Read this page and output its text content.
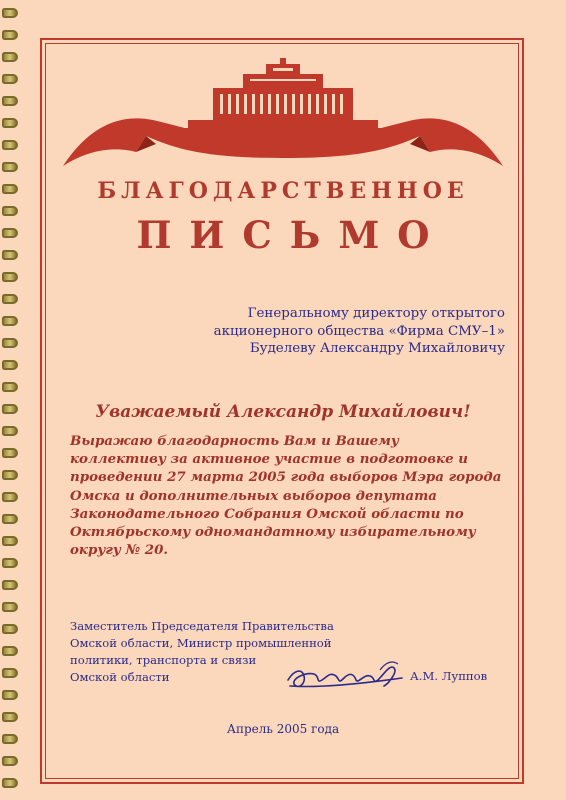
БЛАГОДАРСТВЕННОЕ
ПИСЬМО
Генеральному директору открытого
акционерного общества «Фирма СМУ–1»
Буделеву Александру Михайловичу
Уважаемый Александр Михайлович!
Выражаю благодарность Вам и Вашему
коллективу за активное участие в подготовке и
проведении 27 марта 2005 года выборов Мэра города
Омска и дополнительных выборов депутата
Законодательного Собрания Омской области по
Октябрьскому одномандатному избирательному
округу № 20.
Заместитель Председателя Правительства
Омской области, Министр промышленной
политики, транспорта и связи
Омской области	А.М. Луппов
Апрель 2005 года
